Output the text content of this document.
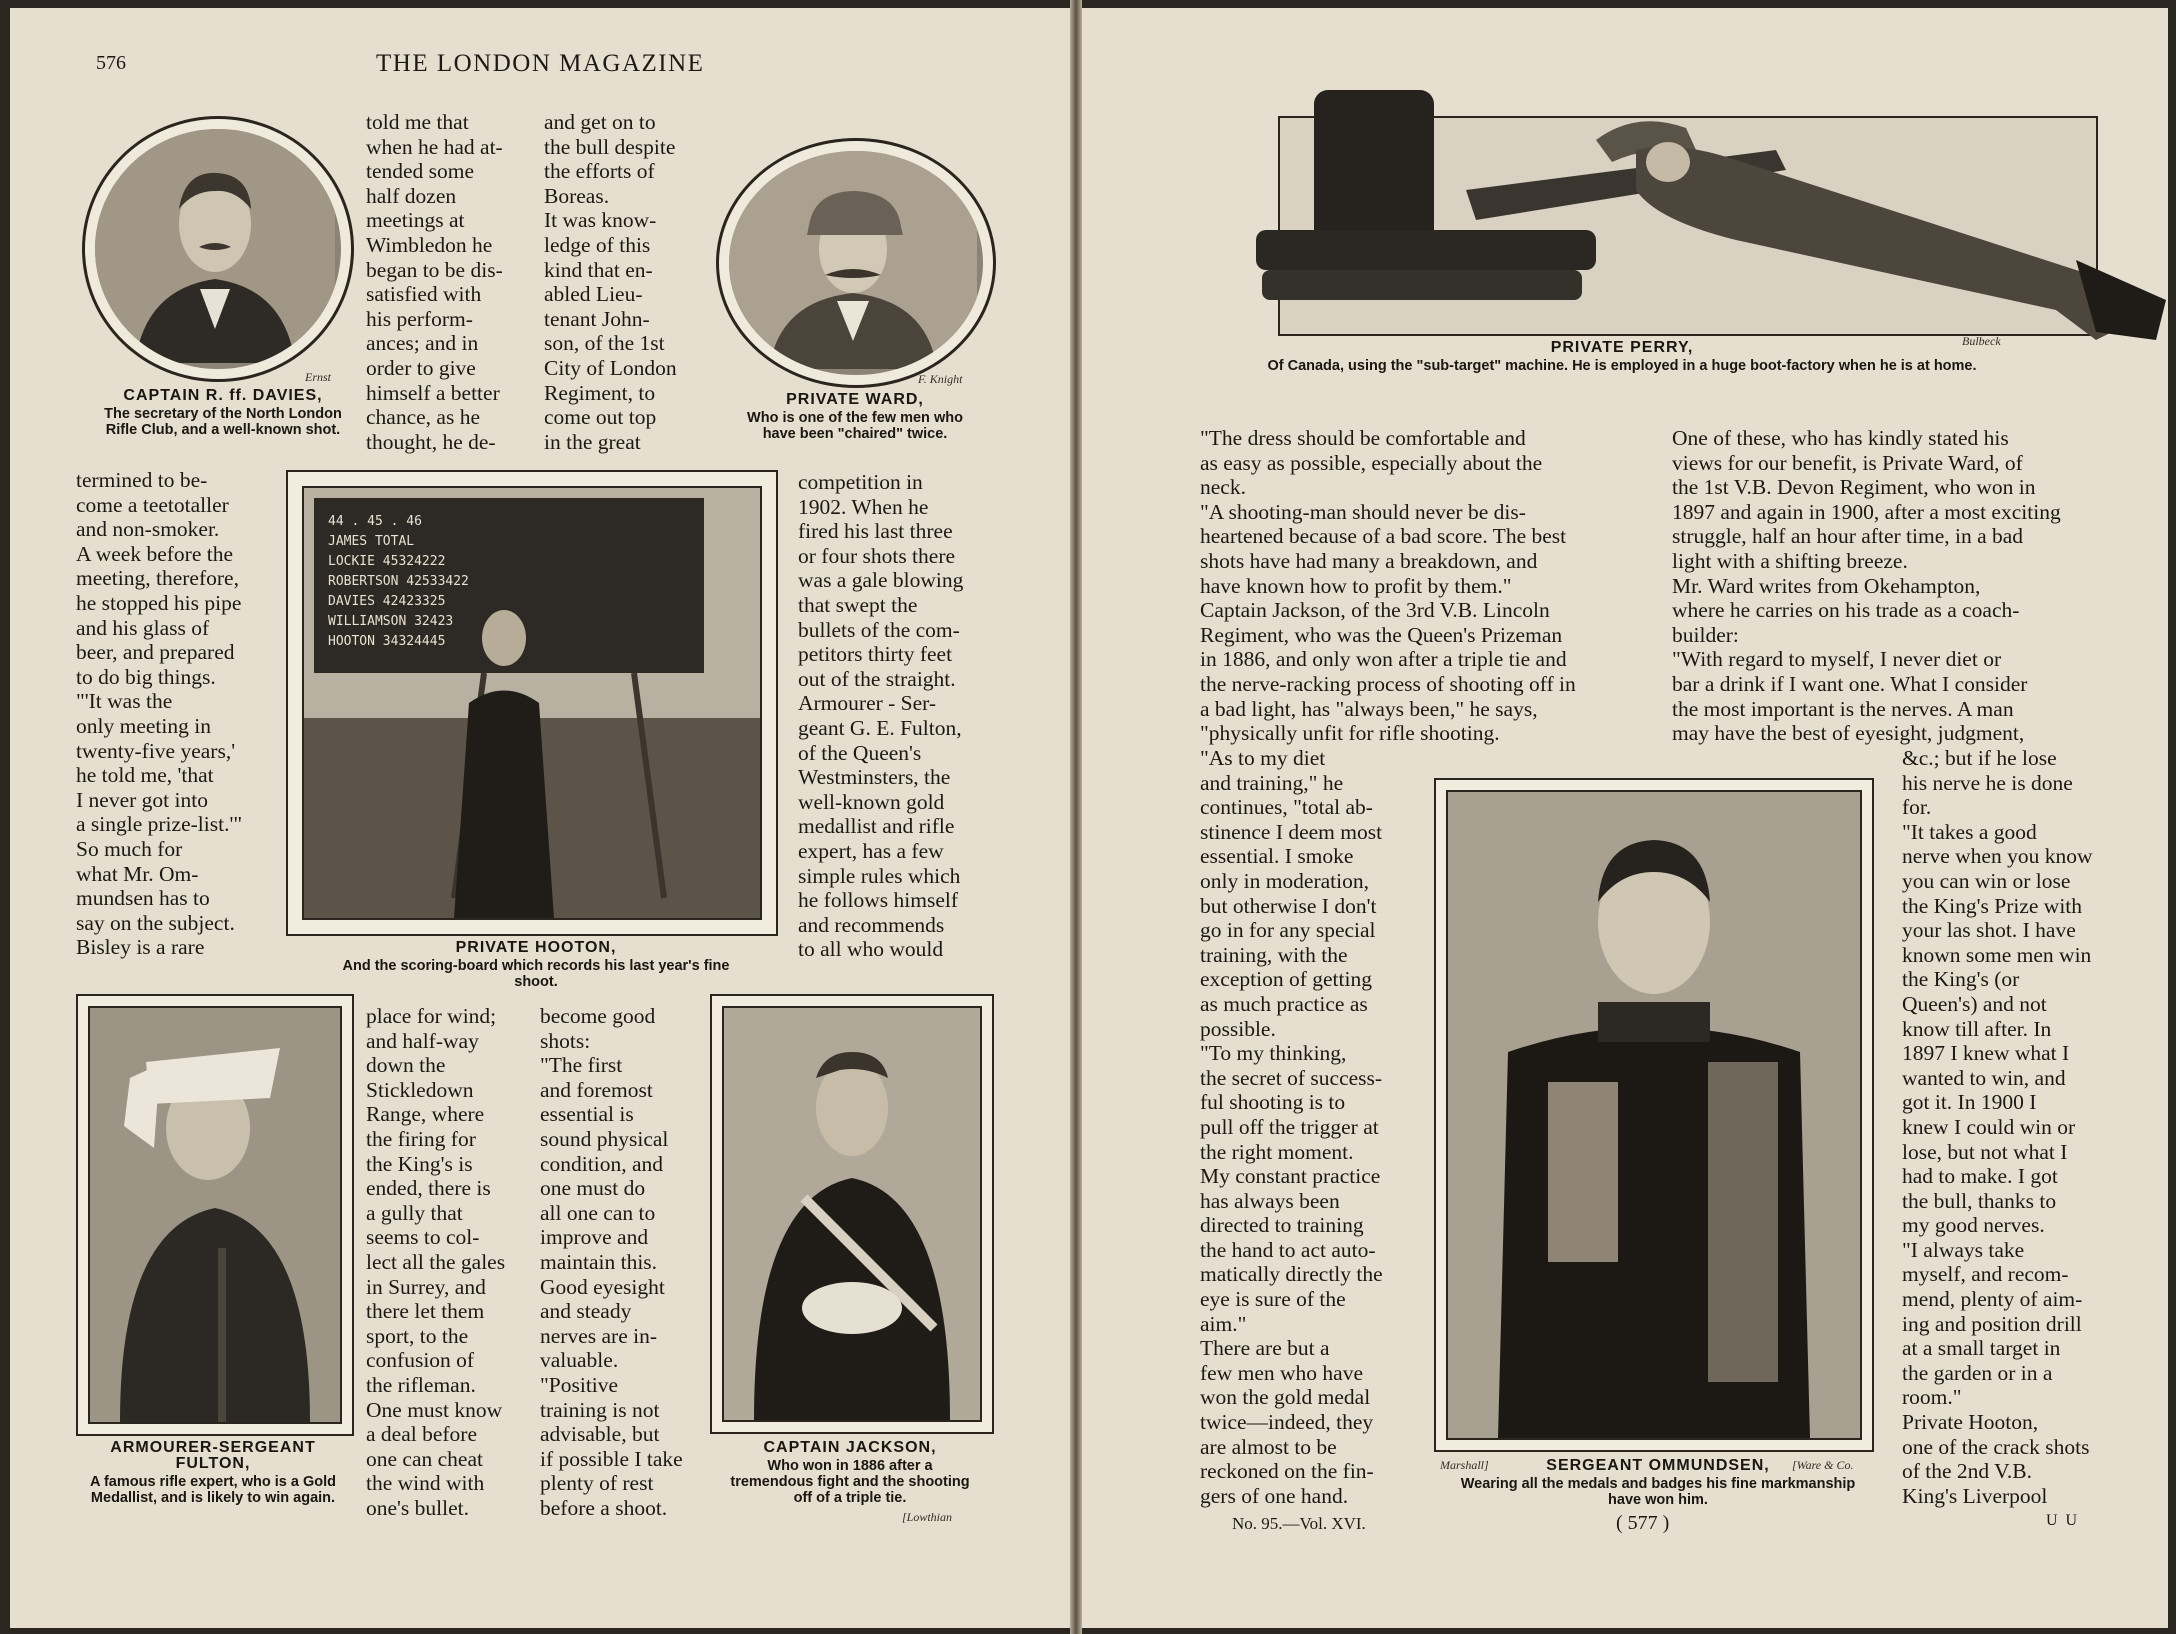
576	THE LONDON MAGAZINE
Ernst
CAPTAIN R. ff. DAVIES,
The secretary of the North London Rifle Club, and a well-known shot.
told me that
when he had at-
tended some
half dozen
meetings at
Wimbledon he
began to be dis-
satisfied with
his perform-
ances; and in
order to give
himself a better
chance, as he
thought, he de-
and get on to
the bull despite
the efforts of
Boreas.
It was know-
ledge of this
kind that en-
abled Lieu-
tenant John-
son, of the 1st
City of London
Regiment, to
come out top
in the great
F. Knight
PRIVATE WARD,
Who is one of the few men who have been "chaired" twice.
termined to be-
come a teetotaller
and non-smoker.
A week before the
meeting, therefore,
he stopped his pipe
and his glass of
beer, and prepared
to do big things.
"'It was the
only meeting in
twenty-five years,'
he told me, 'that
I never got into
a single prize-list.'"
So much for
what Mr. Om-
mundsen has to
say on the subject.
Bisley is a rare
44 . 45 . 46
JAMES TOTAL
LOCKIE 45324222
ROBERTSON 42533422
DAVIES 42423325
WILLIAMSON 32423
HOOTON 34324445
PRIVATE HOOTON,
And the scoring-board which records his last year's fine shoot.
competition in
1902. When he
fired his last three
or four shots there
was a gale blowing
that swept the
bullets of the com-
petitors thirty feet
out of the straight.
Armourer - Ser-
geant G. E. Fulton,
of the Queen's
Westminsters, the
well-known gold
medallist and rifle
expert, has a few
simple rules which
he follows himself
and recommends
to all who would
ARMOURER-SERGEANT FULTON,
A famous rifle expert, who is a Gold Medallist, and is likely to win again.
place for wind;
and half-way
down the
Stickledown
Range, where
the firing for
the King's is
ended, there is
a gully that
seems to col-
lect all the gales
in Surrey, and
there let them
sport, to the
confusion of
the rifleman.
One must know
a deal before
one can cheat
the wind with
one's bullet.
become good
shots:
"The first
and foremost
essential is
sound physical
condition, and
one must do
all one can to
improve and
maintain this.
Good eyesight
and steady
nerves are in-
valuable.
"Positive
training is not
advisable, but
if possible I take
plenty of rest
before a shoot.
CAPTAIN JACKSON,
Who won in 1886 after a tremendous fight and the shooting off of a triple tie.
[Lowthian
Bulbeck
PRIVATE PERRY,
Of Canada, using the "sub-target" machine. He is employed in a huge boot-factory when he is at home.
"The dress should be comfortable and
as easy as possible, especially about the
neck.
"A shooting-man should never be dis-
heartened because of a bad score. The best
shots have had many a breakdown, and
have known how to profit by them."
Captain Jackson, of the 3rd V.B. Lincoln
Regiment, who was the Queen's Prizeman
in 1886, and only won after a triple tie and
the nerve-racking process of shooting off in
a bad light, has "always been," he says,
"physically unfit for rifle shooting.
One of these, who has kindly stated his
views for our benefit, is Private Ward, of
the 1st V.B. Devon Regiment, who won in
1897 and again in 1900, after a most exciting
struggle, half an hour after time, in a bad
light with a shifting breeze.
Mr. Ward writes from Okehampton,
where he carries on his trade as a coach-
builder:
"With regard to myself, I never diet or
bar a drink if I want one. What I consider
the most important is the nerves. A man
may have the best of eyesight, judgment,
"As to my diet
and training," he
continues, "total ab-
stinence I deem most
essential. I smoke
only in moderation,
but otherwise I don't
go in for any special
training, with the
exception of getting
as much practice as
possible.
"To my thinking,
the secret of success-
ful shooting is to
pull off the trigger at
the right moment.
My constant practice
has always been
directed to training
the hand to act auto-
matically directly the
eye is sure of the
aim."
There are but a
few men who have
won the gold medal
twice—indeed, they
are almost to be
reckoned on the fin-
gers of one hand.
Marshall]	[Ware & Co.
SERGEANT OMMUNDSEN,
Wearing all the medals and badges his fine markmanship have won him.
&c.; but if he lose
his nerve he is done
for.
"It takes a good
nerve when you know
you can win or lose
the King's Prize with
your las shot. I have
known some men win
the King's (or
Queen's) and not
know till after. In
1897 I knew what I
wanted to win, and
got it. In 1900 I
knew I could win or
lose, but not what I
had to make. I got
the bull, thanks to
my good nerves.
"I always take
myself, and recom-
mend, plenty of aim-
ing and position drill
at a small target in
the garden or in a
room."
Private Hooton,
one of the crack shots
of the 2nd V.B.
King's Liverpool
No. 95.—Vol. XVI.	( 577 )	U U
